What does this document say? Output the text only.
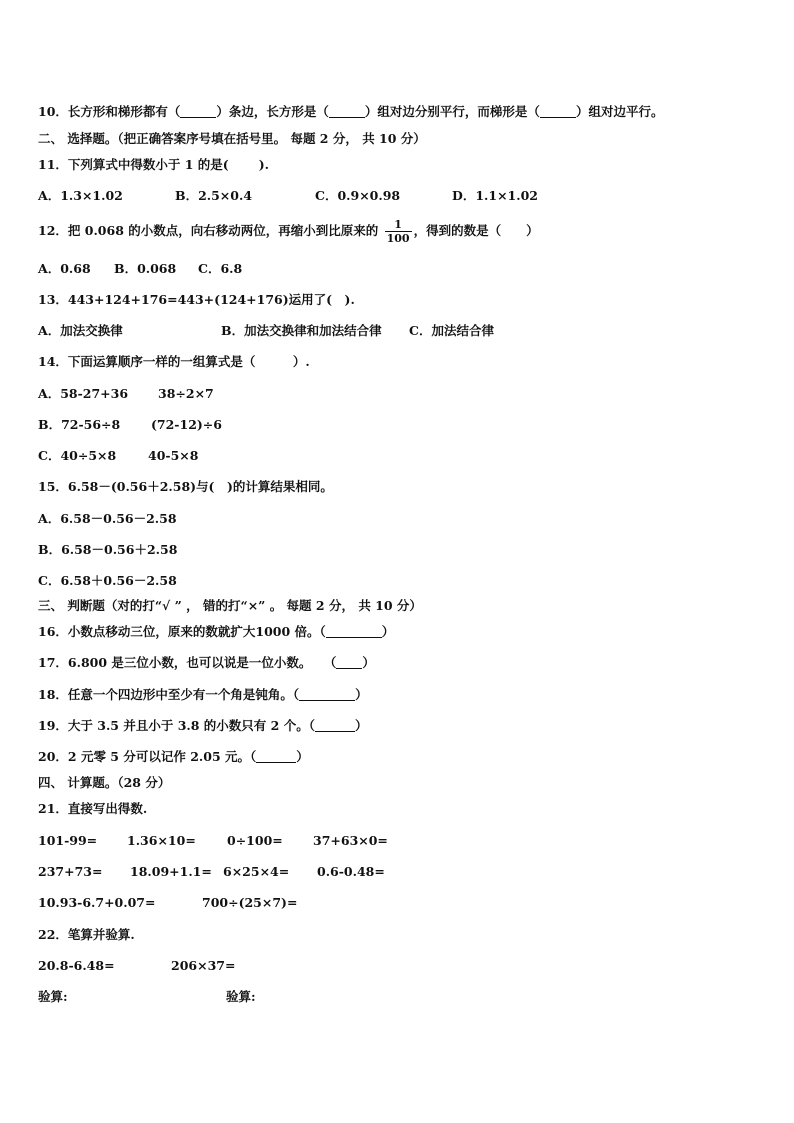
10．长方形和梯形都有（	）条边，长方形是（	）组对边分别平行，而梯形是（	）组对边平行。
二、 选择题。（把正确答案序号填在括号里。 每题 2 分， 共 10 分）
11．下列算式中得数小于 1 的是( ).
A．1.3×1.02	B．2.5×0.4	C．0.9×0.98	D．1.1×1.02
12．把 0.068 的小数点，向右移动两位，再缩小到比原来的 $\frac{1}{100}$ ，得到的数是（　　）
A．0.68 B．0.068 C．6.8
13．443+124+176=443+(124+176)运用了(　).
A．加法交换律	B．加法交换律和加法结合律 C．加法结合律
14．下面运算顺序一样的一组算式是（　　　）.
A．58-27+36 38÷2×7
B．72-56÷8 (72-12)÷6
C．40÷5×8	40-5×8
15．6.58－(0.56＋2.58)与(　)的计算结果相同。
A．6.58－0.56－2.58
B．6.58－0.56＋2.58
C．6.58＋0.56－2.58
三、 判断题（对的打“√ ” ， 错的打“×” 。 每题 2 分， 共 10 分）
16．小数点移动三位，原来的数就扩大1000 倍。（	）
17．6.800 是三位小数，也可以说是一位小数。　　（ ）
18．任意一个四边形中至少有一个角是钝角。（	）
19．大于 3.5 并且小于 3.8 的小数只有 2 个。（	）
20．2 元零 5 分可以记作 2.05 元。（	）
四、 计算题。（28 分）
21．直接写出得数.
101-99= 1.36×10= 0÷100= 37+63×0=
237+73= 18.09+1.1= 6×25×4= 0.6-0.48=
10.93-6.7+0.07=	700÷(25×7)=
22．笔算并验算.
20.8-6.48=	206×37=
验算:	验算:
